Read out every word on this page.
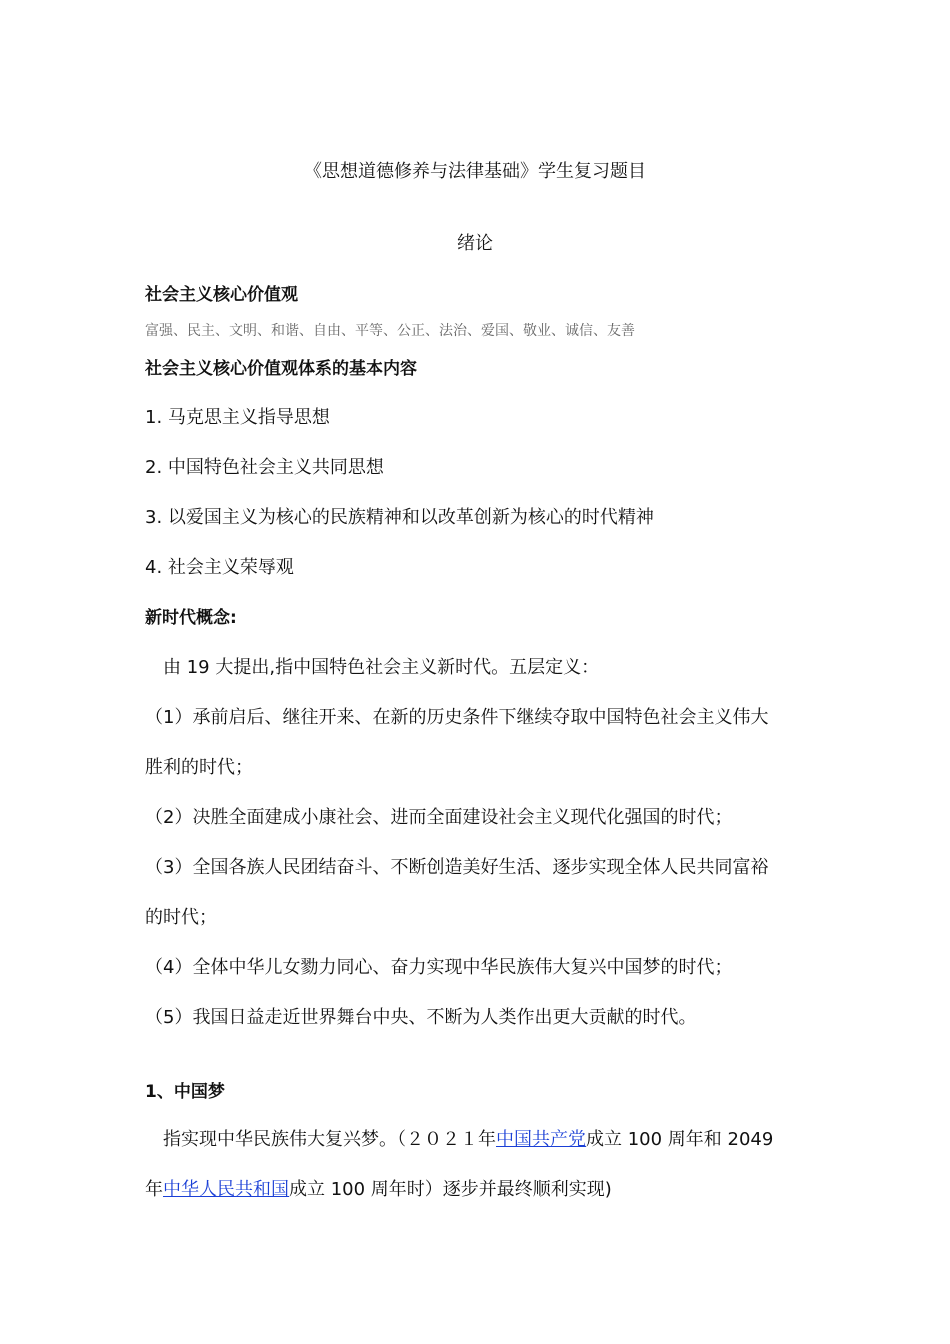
《思想道德修养与法律基础》学生复习题目
绪论
社会主义核心价值观
富强、民主、文明、和谐、自由、平等、公正、法治、爱国、敬业、诚信、友善
社会主义核心价值观体系的基本内容
1. 马克思主义指导思想
2. 中国特色社会主义共同思想
3. 以爱国主义为核心的民族精神和以改革创新为核心的时代精神
4. 社会主义荣辱观
新时代概念:
由 19 大提出,指中国特色社会主义新时代。五层定义：
（1）承前启后、继往开来、在新的历史条件下继续夺取中国特色社会主义伟大
胜利的时代；
（2）决胜全面建成小康社会、进而全面建设社会主义现代化强国的时代；
（3）全国各族人民团结奋斗、不断创造美好生活、逐步实现全体人民共同富裕
的时代；
（4）全体中华儿女勠力同心、奋力实现中华民族伟大复兴中国梦的时代；
（5）我国日益走近世界舞台中央、不断为人类作出更大贡献的时代。
1、中国梦
指实现中华民族伟大复兴梦。（２０２１年中国共产党成立 100 周年和 2049
年中华人民共和国成立 100 周年时）逐步并最终顺利实现)
